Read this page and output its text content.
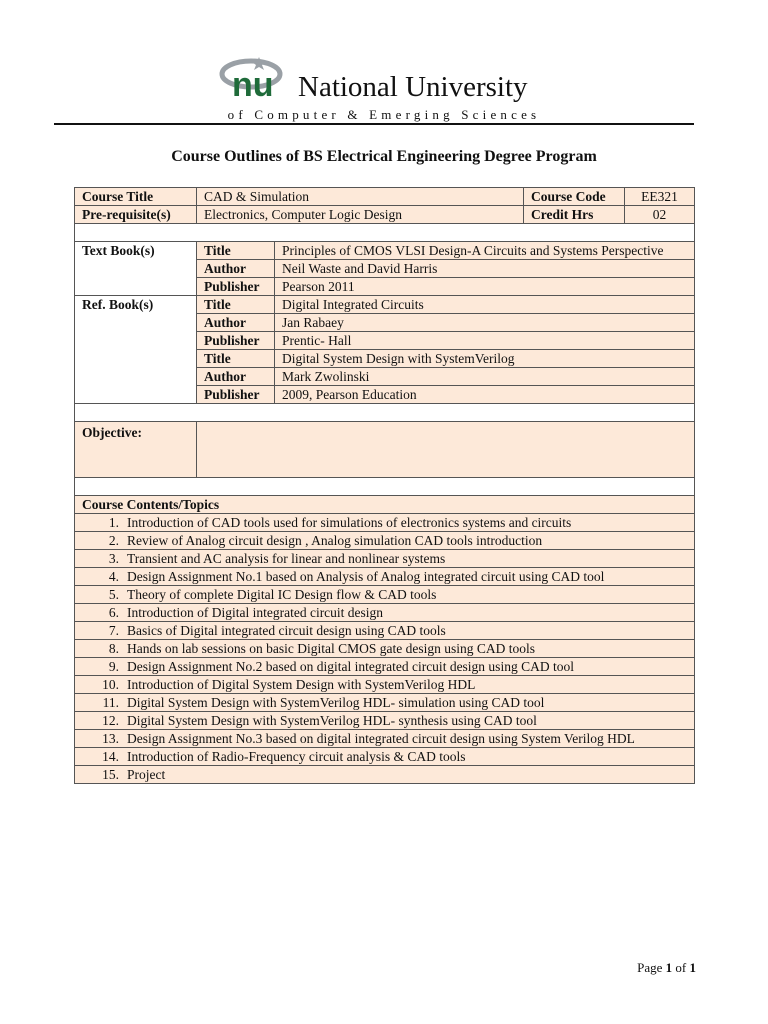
nu National University
of Computer & Emerging Sciences
Course Outlines of BS Electrical Engineering Degree Program
Course Title	CAD & Simulation		Course Code	EE321
Pre-requisite(s)	Electronics, Computer Logic Design		Credit Hrs	02

Text Book(s)	Title	Principles of CMOS VLSI Design-A Circuits and Systems Perspective		
	Author	Neil Waste and David Harris		
	Publisher	Pearson 2011		
Ref. Book(s)	Title	Digital Integrated Circuits		
	Author	Jan Rabaey		
	Publisher	Prentic- Hall		
	Title	Digital System Design with SystemVerilog		
	Author	Mark Zwolinski		
	Publisher	2009, Pearson Education		

Objective:				

Course Contents/Topics				

1. Introduction of CAD tools used for simulations of electronics systems and circuits				

2. Review of Analog circuit design , Analog simulation CAD tools introduction				

3. Transient and AC analysis for linear and nonlinear systems				

4. Design Assignment No.1 based on Analysis of Analog integrated circuit using CAD tool				

5. Theory of complete Digital IC Design flow & CAD tools				

6. Introduction of Digital integrated circuit design				

7. Basics of Digital integrated circuit design using CAD tools				

8. Hands on lab sessions on basic Digital CMOS gate design using CAD tools				

9. Design Assignment No.2 based on digital integrated circuit design using CAD tool				

10. Introduction of Digital System Design with SystemVerilog HDL				

11. Digital System Design with SystemVerilog HDL- simulation using CAD tool				

12. Digital System Design with SystemVerilog HDL- synthesis using CAD tool				

13. Design Assignment No.3 based on digital integrated circuit design using System Verilog HDL				

14. Introduction of Radio-Frequency circuit analysis & CAD tools				

15. Project				
Page 1 of 1
